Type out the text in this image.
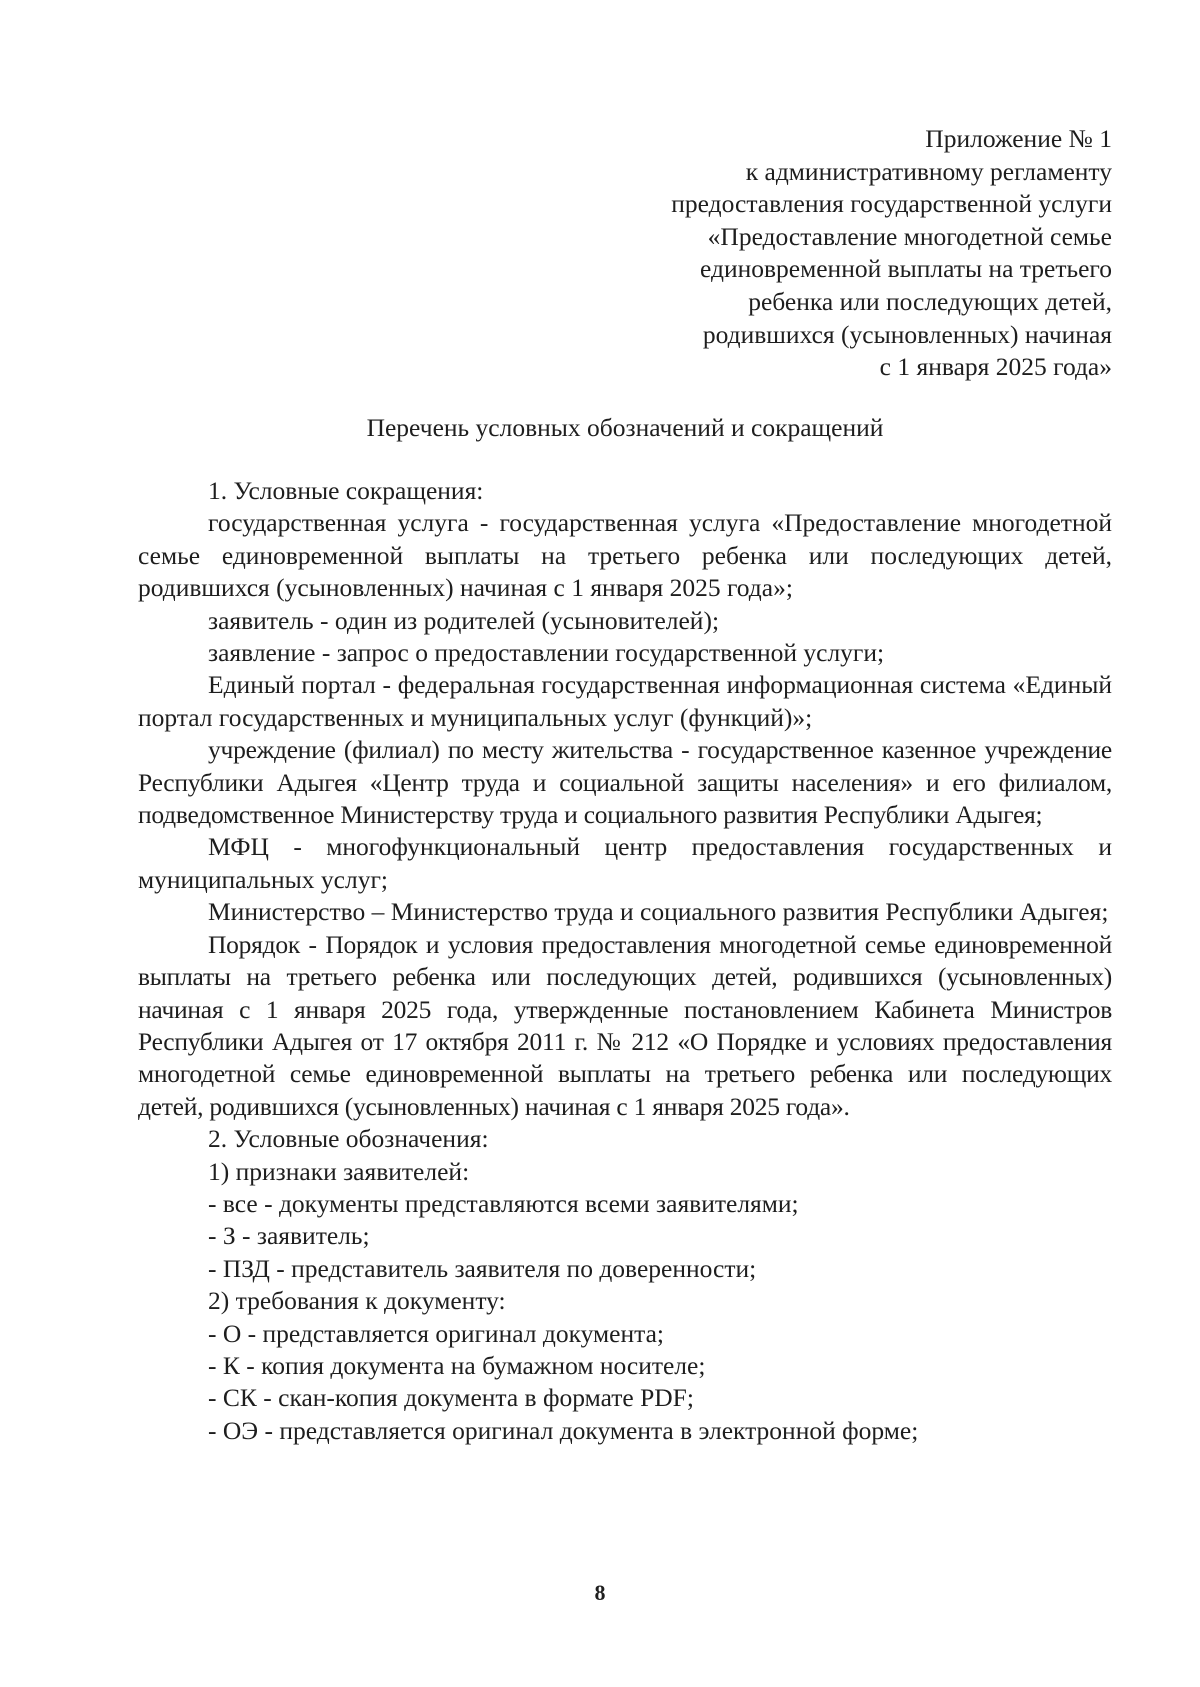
Приложение № 1
к административному регламенту
предоставления государственной услуги
«Предоставление многодетной семье
единовременной выплаты на третьего
ребенка или последующих детей,
родившихся (усыновленных) начиная
с 1 января 2025 года»
Перечень условных обозначений и сокращений

1. Условные сокращения:

государственная услуга - государственная услуга «Предоставление многодетной семье единовременной выплаты на третьего ребенка или последующих детей, родившихся (усыновленных) начиная с 1 января 2025 года»;

заявитель - один из родителей (усыновителей);

заявление - запрос о предоставлении государственной услуги;

Единый портал - федеральная государственная информационная система «Единый портал государственных и муниципальных услуг (функций)»;

учреждение (филиал) по месту жительства - государственное казенное учреждение Республики Адыгея «Центр труда и социальной защиты населения» и его филиалом, подведомственное Министерству труда и социального развития Республики Адыгея;

МФЦ - многофункциональный центр предоставления государственных и муниципальных услуг;

Министерство – Министерство труда и социального развития Республики Адыгея;

Порядок - Порядок и условия предоставления многодетной семье единовременной выплаты на третьего ребенка или последующих детей, родившихся (усыновленных) начиная с 1 января 2025 года, утвержденные постановлением Кабинета Министров Республики Адыгея от 17 октября 2011 г. № 212 «О Порядке и условиях предоставления многодетной семье единовременной выплаты на третьего ребенка или последующих детей, родившихся (усыновленных) начиная с 1 января 2025 года».

2. Условные обозначения:

1) признаки заявителей:

- все - документы представляются всеми заявителями;

- З - заявитель;

- ПЗД - представитель заявителя по доверенности;

2) требования к документу:

- О - представляется оригинал документа;

- К - копия документа на бумажном носителе;

- СК - скан-копия документа в формате PDF;

- ОЭ - представляется оригинал документа в электронной форме;

8
